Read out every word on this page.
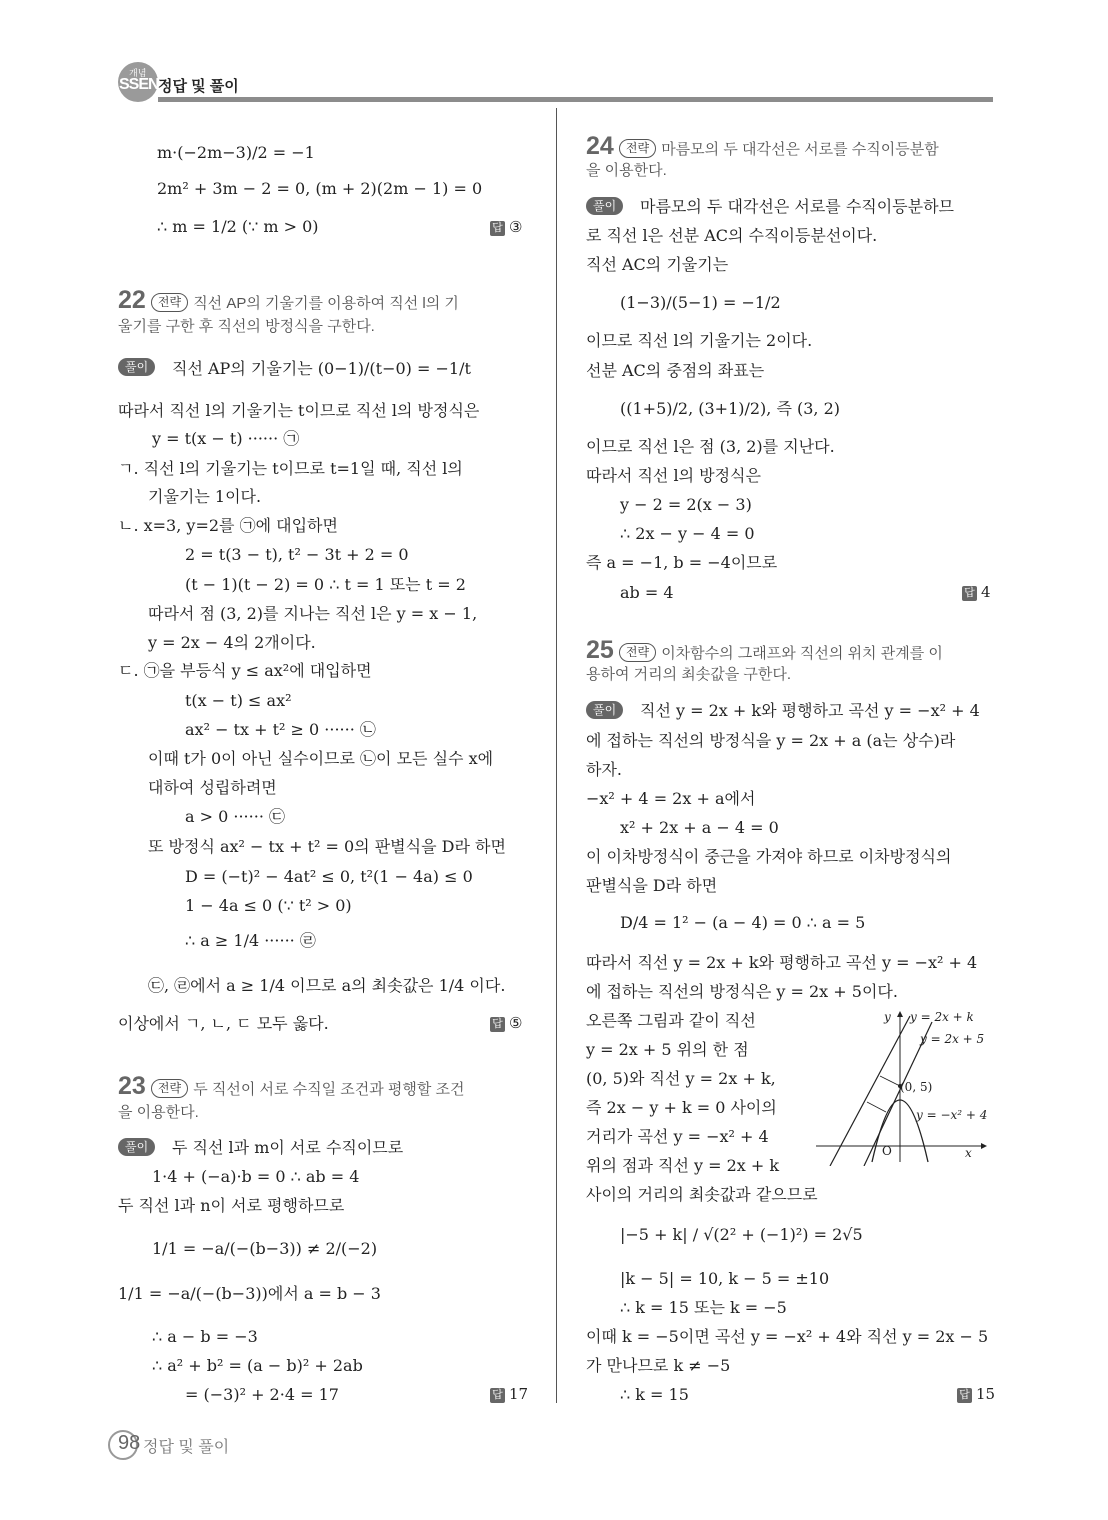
개념
SSEN 정답 및 풀이
m·(−2m−3)/2 = −1
2m² + 3m − 2 = 0, (m + 2)(2m − 1) = 0
∴ m = 1/2 (∵ m > 0)	답 ③
22 전략 직선 AP의 기울기를 이용하여 직선 l의 기
울기를 구한 후 직선의 방정식을 구한다.
풀이	직선 AP의 기울기는 (0−1)/(t−0) = −1/t
따라서 직선 l의 기울기는 t이므로 직선 l의 방정식은
y = t(x − t) ······ ㉠
ㄱ. 직선 l의 기울기는 t이므로 t=1일 때, 직선 l의
기울기는 1이다.
ㄴ. x=3, y=2를 ㉠에 대입하면
2 = t(3 − t), t² − 3t + 2 = 0
(t − 1)(t − 2) = 0 ∴ t = 1 또는 t = 2
따라서 점 (3, 2)를 지나는 직선 l은 y = x − 1,
y = 2x − 4의 2개이다.
ㄷ. ㉠을 부등식 y ≤ ax²에 대입하면
t(x − t) ≤ ax²
ax² − tx + t² ≥ 0 ······ ㉡
이때 t가 0이 아닌 실수이므로 ㉡이 모든 실수 x에
대하여 성립하려면
a > 0 ······ ㉢
또 방정식 ax² − tx + t² = 0의 판별식을 D라 하면
D = (−t)² − 4at² ≤ 0, t²(1 − 4a) ≤ 0
1 − 4a ≤ 0 (∵ t² > 0)
∴ a ≥ 1/4 ······ ㉣
㉢, ㉣에서 a ≥ 1/4 이므로 a의 최솟값은 1/4 이다.
이상에서 ㄱ, ㄴ, ㄷ 모두 옳다.	답 ⑤
23 전략 두 직선이 서로 수직일 조건과 평행할 조건
을 이용한다.
풀이	두 직선 l과 m이 서로 수직이므로
1·4 + (−a)·b = 0 ∴ ab = 4
두 직선 l과 n이 서로 평행하므로
1/1 = −a/(−(b−3)) ≠ 2/(−2)
1/1 = −a/(−(b−3))에서 a = b − 3
∴ a − b = −3
∴ a² + b² = (a − b)² + 2ab
= (−3)² + 2·4 = 17	답 17
24 전략 마름모의 두 대각선은 서로를 수직이등분함
을 이용한다.
풀이	마름모의 두 대각선은 서로를 수직이등분하므
로 직선 l은 선분 AC의 수직이등분선이다.
직선 AC의 기울기는
(1−3)/(5−1) = −1/2
이므로 직선 l의 기울기는 2이다.
선분 AC의 중점의 좌표는
((1+5)/2, (3+1)/2), 즉 (3, 2)
이므로 직선 l은 점 (3, 2)를 지난다.
따라서 직선 l의 방정식은
y − 2 = 2(x − 3)
∴ 2x − y − 4 = 0
즉 a = −1, b = −4이므로
ab = 4	답 4
25 전략 이차함수의 그래프와 직선의 위치 관계를 이
용하여 거리의 최솟값을 구한다.
풀이	직선 y = 2x + k와 평행하고 곡선 y = −x² + 4
에 접하는 직선의 방정식을 y = 2x + a (a는 상수)라
하자.
−x² + 4 = 2x + a에서
x² + 2x + a − 4 = 0
이 이차방정식이 중근을 가져야 하므로 이차방정식의
판별식을 D라 하면
D/4 = 1² − (a − 4) = 0 ∴ a = 5
따라서 직선 y = 2x + k와 평행하고 곡선 y = −x² + 4
에 접하는 직선의 방정식은 y = 2x + 5이다.
오른쪽 그림과 같이 직선
y = 2x + 5 위의 한 점
(0, 5)와 직선 y = 2x + k,
즉 2x − y + k = 0 사이의
거리가 곡선 y = −x² + 4
위의 점과 직선 y = 2x + k
사이의 거리의 최솟값과 같으므로
|−5 + k| / √(2² + (−1)²) = 2√5
|k − 5| = 10, k − 5 = ±10
∴ k = 15 또는 k = −5
이때 k = −5이면 곡선 y = −x² + 4와 직선 y = 2x − 5
가 만나므로 k ≠ −5
∴ k = 15	답 15
y
x
O
y = 2x + k
y = 2x + 5
(0, 5)
y = −x² + 4
98 정답 및 풀이
